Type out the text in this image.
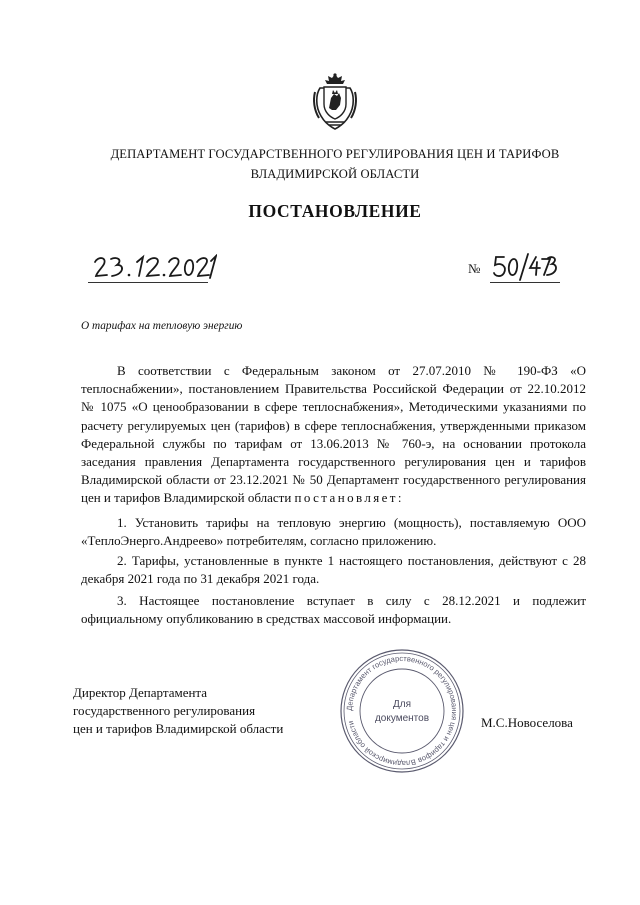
ДЕПАРТАМЕНТ ГОСУДАРСТВЕННОГО РЕГУЛИРОВАНИЯ ЦЕН И ТАРИФОВ
ВЛАДИМИРСКОЙ ОБЛАСТИ
ПОСТАНОВЛЕНИЕ
№
О тарифах на тепловую энергию
В соответствии с Федеральным законом от 27.07.2010 № 190-ФЗ «О теплоснабжении», постановлением Правительства Российской Федерации от 22.10.2012 № 1075 «О ценообразовании в сфере теплоснабжения», Методическими указаниями по расчету регулируемых цен (тарифов) в сфере теплоснабжения, утвержденными приказом Федеральной службы по тарифам от 13.06.2013 № 760-э, на основании протокола заседания правления Департамента государственного регулирования цен и тарифов Владимирской области от 23.12.2021 № 50 Департамент государственного регулирования цен и тарифов Владимирской области постановляет:
1. Установить тарифы на тепловую энергию (мощность), поставляемую ООО «ТеплоЭнерго.Андреево» потребителям, согласно приложению.
2. Тарифы, установленные в пункте 1 настоящего постановления, действуют с 28 декабря 2021 года по 31 декабря 2021 года.
3. Настоящее постановление вступает в силу с 28.12.2021 и подлежит официальному опубликованию в средствах массовой информации.
Директор Департамента
государственного регулирования
цен и тарифов Владимирской области
Департамент государственного регулирования цен и тарифов Владимирской области
Для
документов	М.С.Новоселова
